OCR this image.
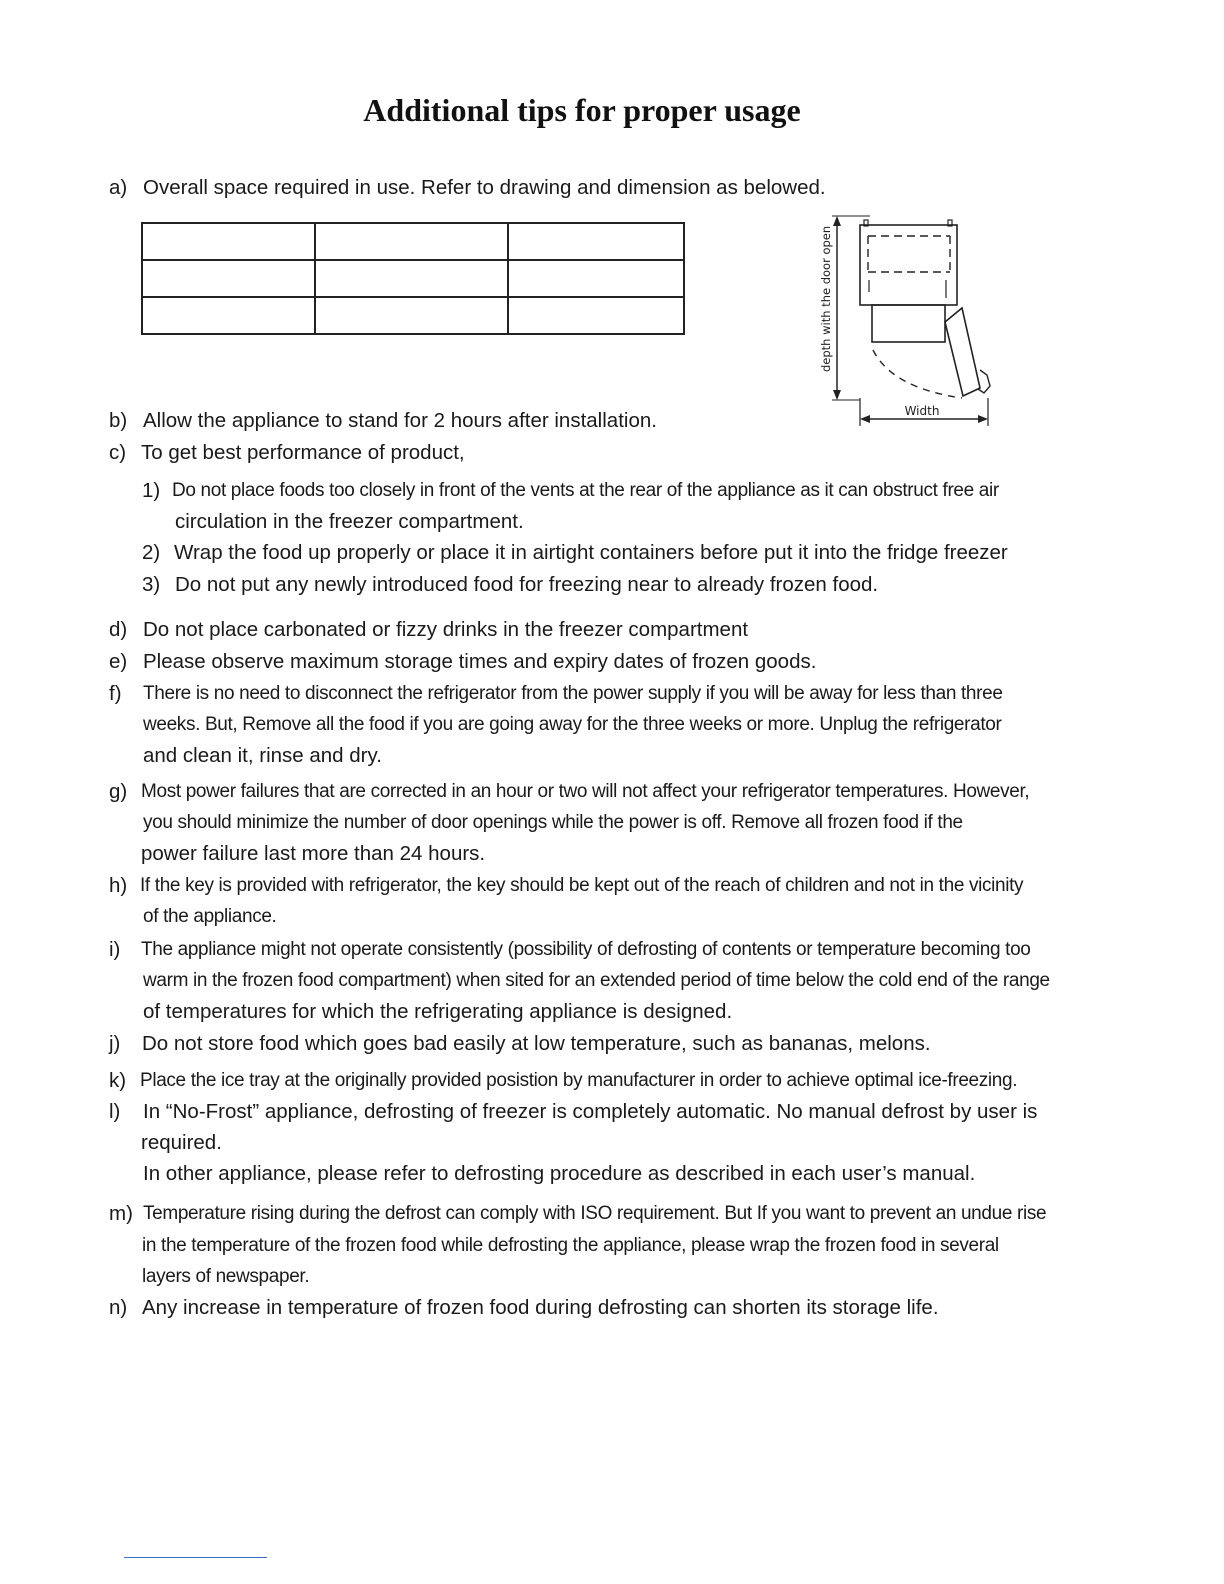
Additional tips for proper usage
a) Overall space required in use. Refer to drawing and dimension as belowed.

depth with the door open
Width
b) Allow the appliance to stand for 2 hours after installation.
c) To get best performance of product,
1) Do not place foods too closely in front of the vents at the rear of the appliance as it can obstruct free air
circulation in the freezer compartment.
2) Wrap the food up properly or place it in airtight containers before put it into the fridge freezer
3) Do not put any newly introduced food for freezing near to already frozen food.
d) Do not place carbonated or fizzy drinks in the freezer compartment
e) Please observe maximum storage times and expiry dates of frozen goods.
f) There is no need to disconnect the refrigerator from the power supply if you will be away for less than three
weeks. But, Remove all the food if you are going away for the three weeks or more. Unplug the refrigerator
and clean it, rinse and dry.
g) Most power failures that are corrected in an hour or two will not affect your refrigerator temperatures. However,
you should minimize the number of door openings while the power is off. Remove all frozen food if the
power failure last more than 24 hours.
h) If the key is provided with refrigerator, the key should be kept out of the reach of children and not in the vicinity
of the appliance.
i) The appliance might not operate consistently (possibility of defrosting of contents or temperature becoming too
warm in the frozen food compartment) when sited for an extended period of time below the cold end of the range
of temperatures for which the refrigerating appliance is designed.
j) Do not store food which goes bad easily at low temperature, such as bananas, melons.
k) Place the ice tray at the originally provided posistion by manufacturer in order to achieve optimal ice-freezing.
l) In “No-Frost” appliance, defrosting of freezer is completely automatic. No manual defrost by user is
required.
In other appliance, please refer to defrosting procedure as described in each user’s manual.
m) Temperature rising during the defrost can comply with ISO requirement. But If you want to prevent an undue rise
in the temperature of the frozen food while defrosting the appliance, please wrap the frozen food in several
layers of newspaper.
n) Any increase in temperature of frozen food during defrosting can shorten its storage life.
